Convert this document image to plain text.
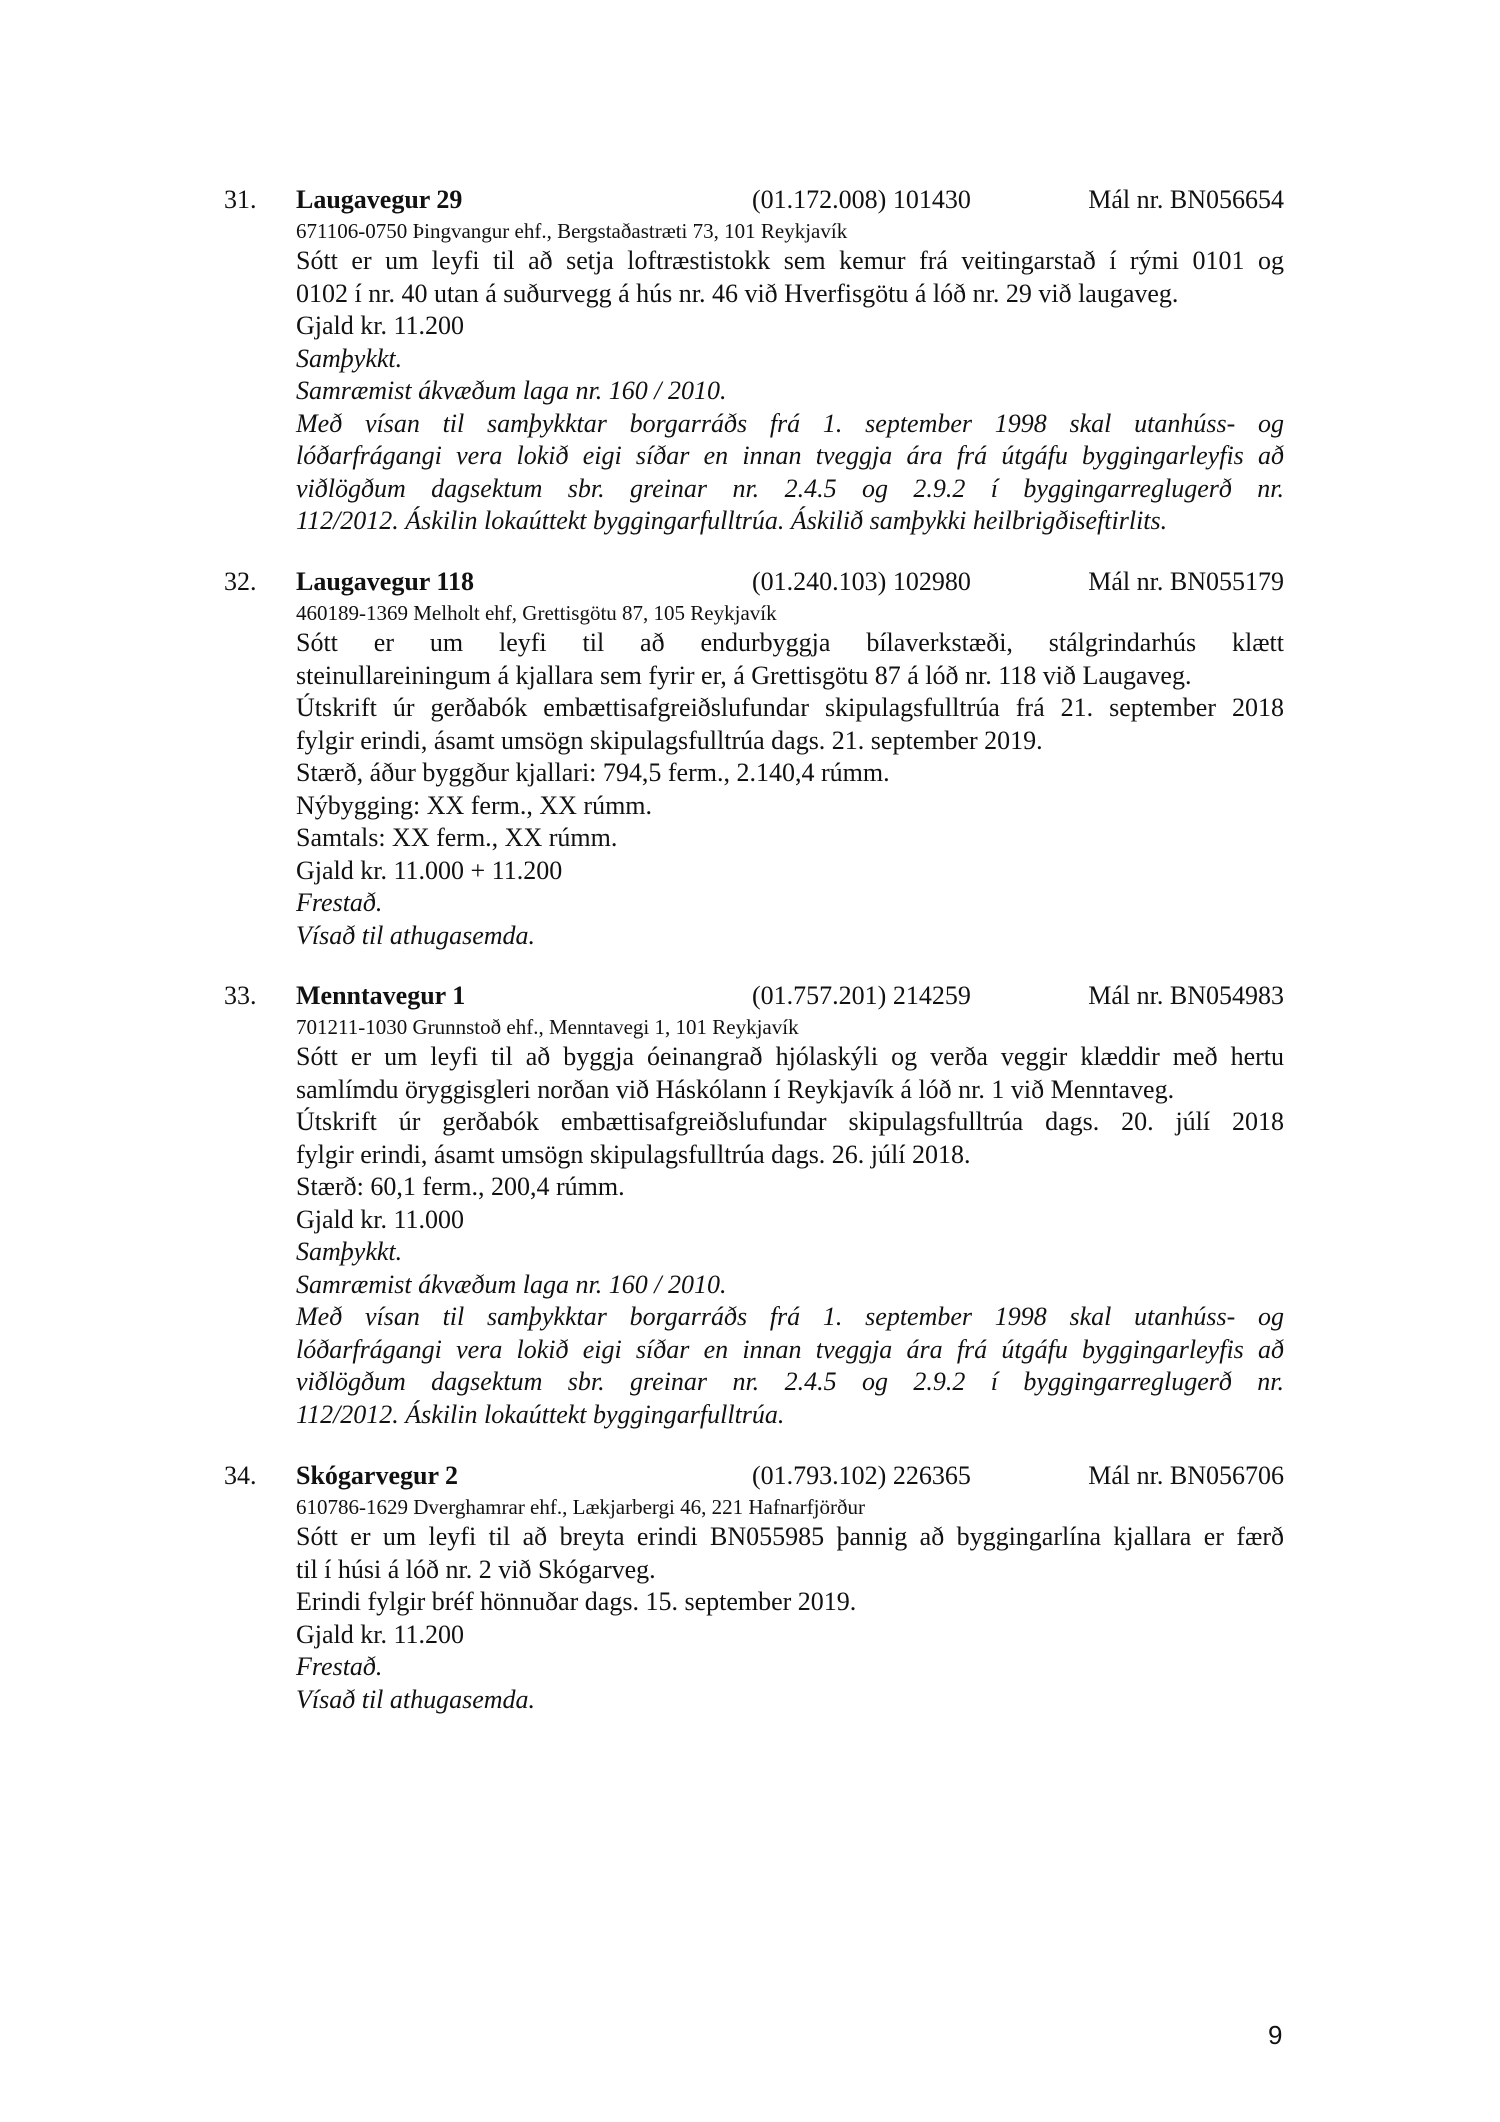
31. Laugavegur 29	(01.172.008) 101430	Mál nr. BN056654
671106-0750 Þingvangur ehf., Bergstaðastræti 73, 101 Reykjavík
Sótt er um leyfi til að setja loftræstistokk sem kemur frá veitingarstað í rými 0101 og
0102 í nr. 40 utan á suðurvegg á hús nr. 46 við Hverfisgötu á lóð nr. 29 við laugaveg.
Gjald kr. 11.200
Samþykkt.
Samræmist ákvæðum laga nr. 160 / 2010.
Með vísan til samþykktar borgarráðs frá 1. september 1998 skal utanhúss- og
lóðarfrágangi vera lokið eigi síðar en innan tveggja ára frá útgáfu byggingarleyfis að
viðlögðum dagsektum sbr. greinar nr. 2.4.5 og 2.9.2 í byggingarreglugerð nr.
112/2012. Áskilin lokaúttekt byggingarfulltrúa. Áskilið samþykki heilbrigðiseftirlits.
32. Laugavegur 118	(01.240.103) 102980	Mál nr. BN055179
460189-1369 Melholt ehf, Grettisgötu 87, 105 Reykjavík
Sótt er um leyfi til að endurbyggja bílaverkstæði, stálgrindarhús klætt
steinullareiningum á kjallara sem fyrir er, á Grettisgötu 87 á lóð nr. 118 við Laugaveg.
Útskrift úr gerðabók embættisafgreiðslufundar skipulagsfulltrúa frá 21. september 2018
fylgir erindi, ásamt umsögn skipulagsfulltrúa dags. 21. september 2019.
Stærð, áður byggður kjallari: 794,5 ferm., 2.140,4 rúmm.
Nýbygging: XX ferm., XX rúmm.
Samtals: XX ferm., XX rúmm.
Gjald kr. 11.000 + 11.200
Frestað.
Vísað til athugasemda.
33. Menntavegur 1	(01.757.201) 214259	Mál nr. BN054983
701211-1030 Grunnstoð ehf., Menntavegi 1, 101 Reykjavík
Sótt er um leyfi til að byggja óeinangrað hjólaskýli og verða veggir klæddir með hertu
samlímdu öryggisgleri norðan við Háskólann í Reykjavík á lóð nr. 1 við Menntaveg.
Útskrift úr gerðabók embættisafgreiðslufundar skipulagsfulltrúa dags. 20. júlí 2018
fylgir erindi, ásamt umsögn skipulagsfulltrúa dags. 26. júlí 2018.
Stærð: 60,1 ferm., 200,4 rúmm.
Gjald kr. 11.000
Samþykkt.
Samræmist ákvæðum laga nr. 160 / 2010.
Með vísan til samþykktar borgarráðs frá 1. september 1998 skal utanhúss- og
lóðarfrágangi vera lokið eigi síðar en innan tveggja ára frá útgáfu byggingarleyfis að
viðlögðum dagsektum sbr. greinar nr. 2.4.5 og 2.9.2 í byggingarreglugerð nr.
112/2012. Áskilin lokaúttekt byggingarfulltrúa.
34. Skógarvegur 2	(01.793.102) 226365	Mál nr. BN056706
610786-1629 Dverghamrar ehf., Lækjarbergi 46, 221 Hafnarfjörður
Sótt er um leyfi til að breyta erindi BN055985 þannig að byggingarlína kjallara er færð
til í húsi á lóð nr. 2 við Skógarveg.
Erindi fylgir bréf hönnuðar dags. 15. september 2019.
Gjald kr. 11.200
Frestað.
Vísað til athugasemda.
9
